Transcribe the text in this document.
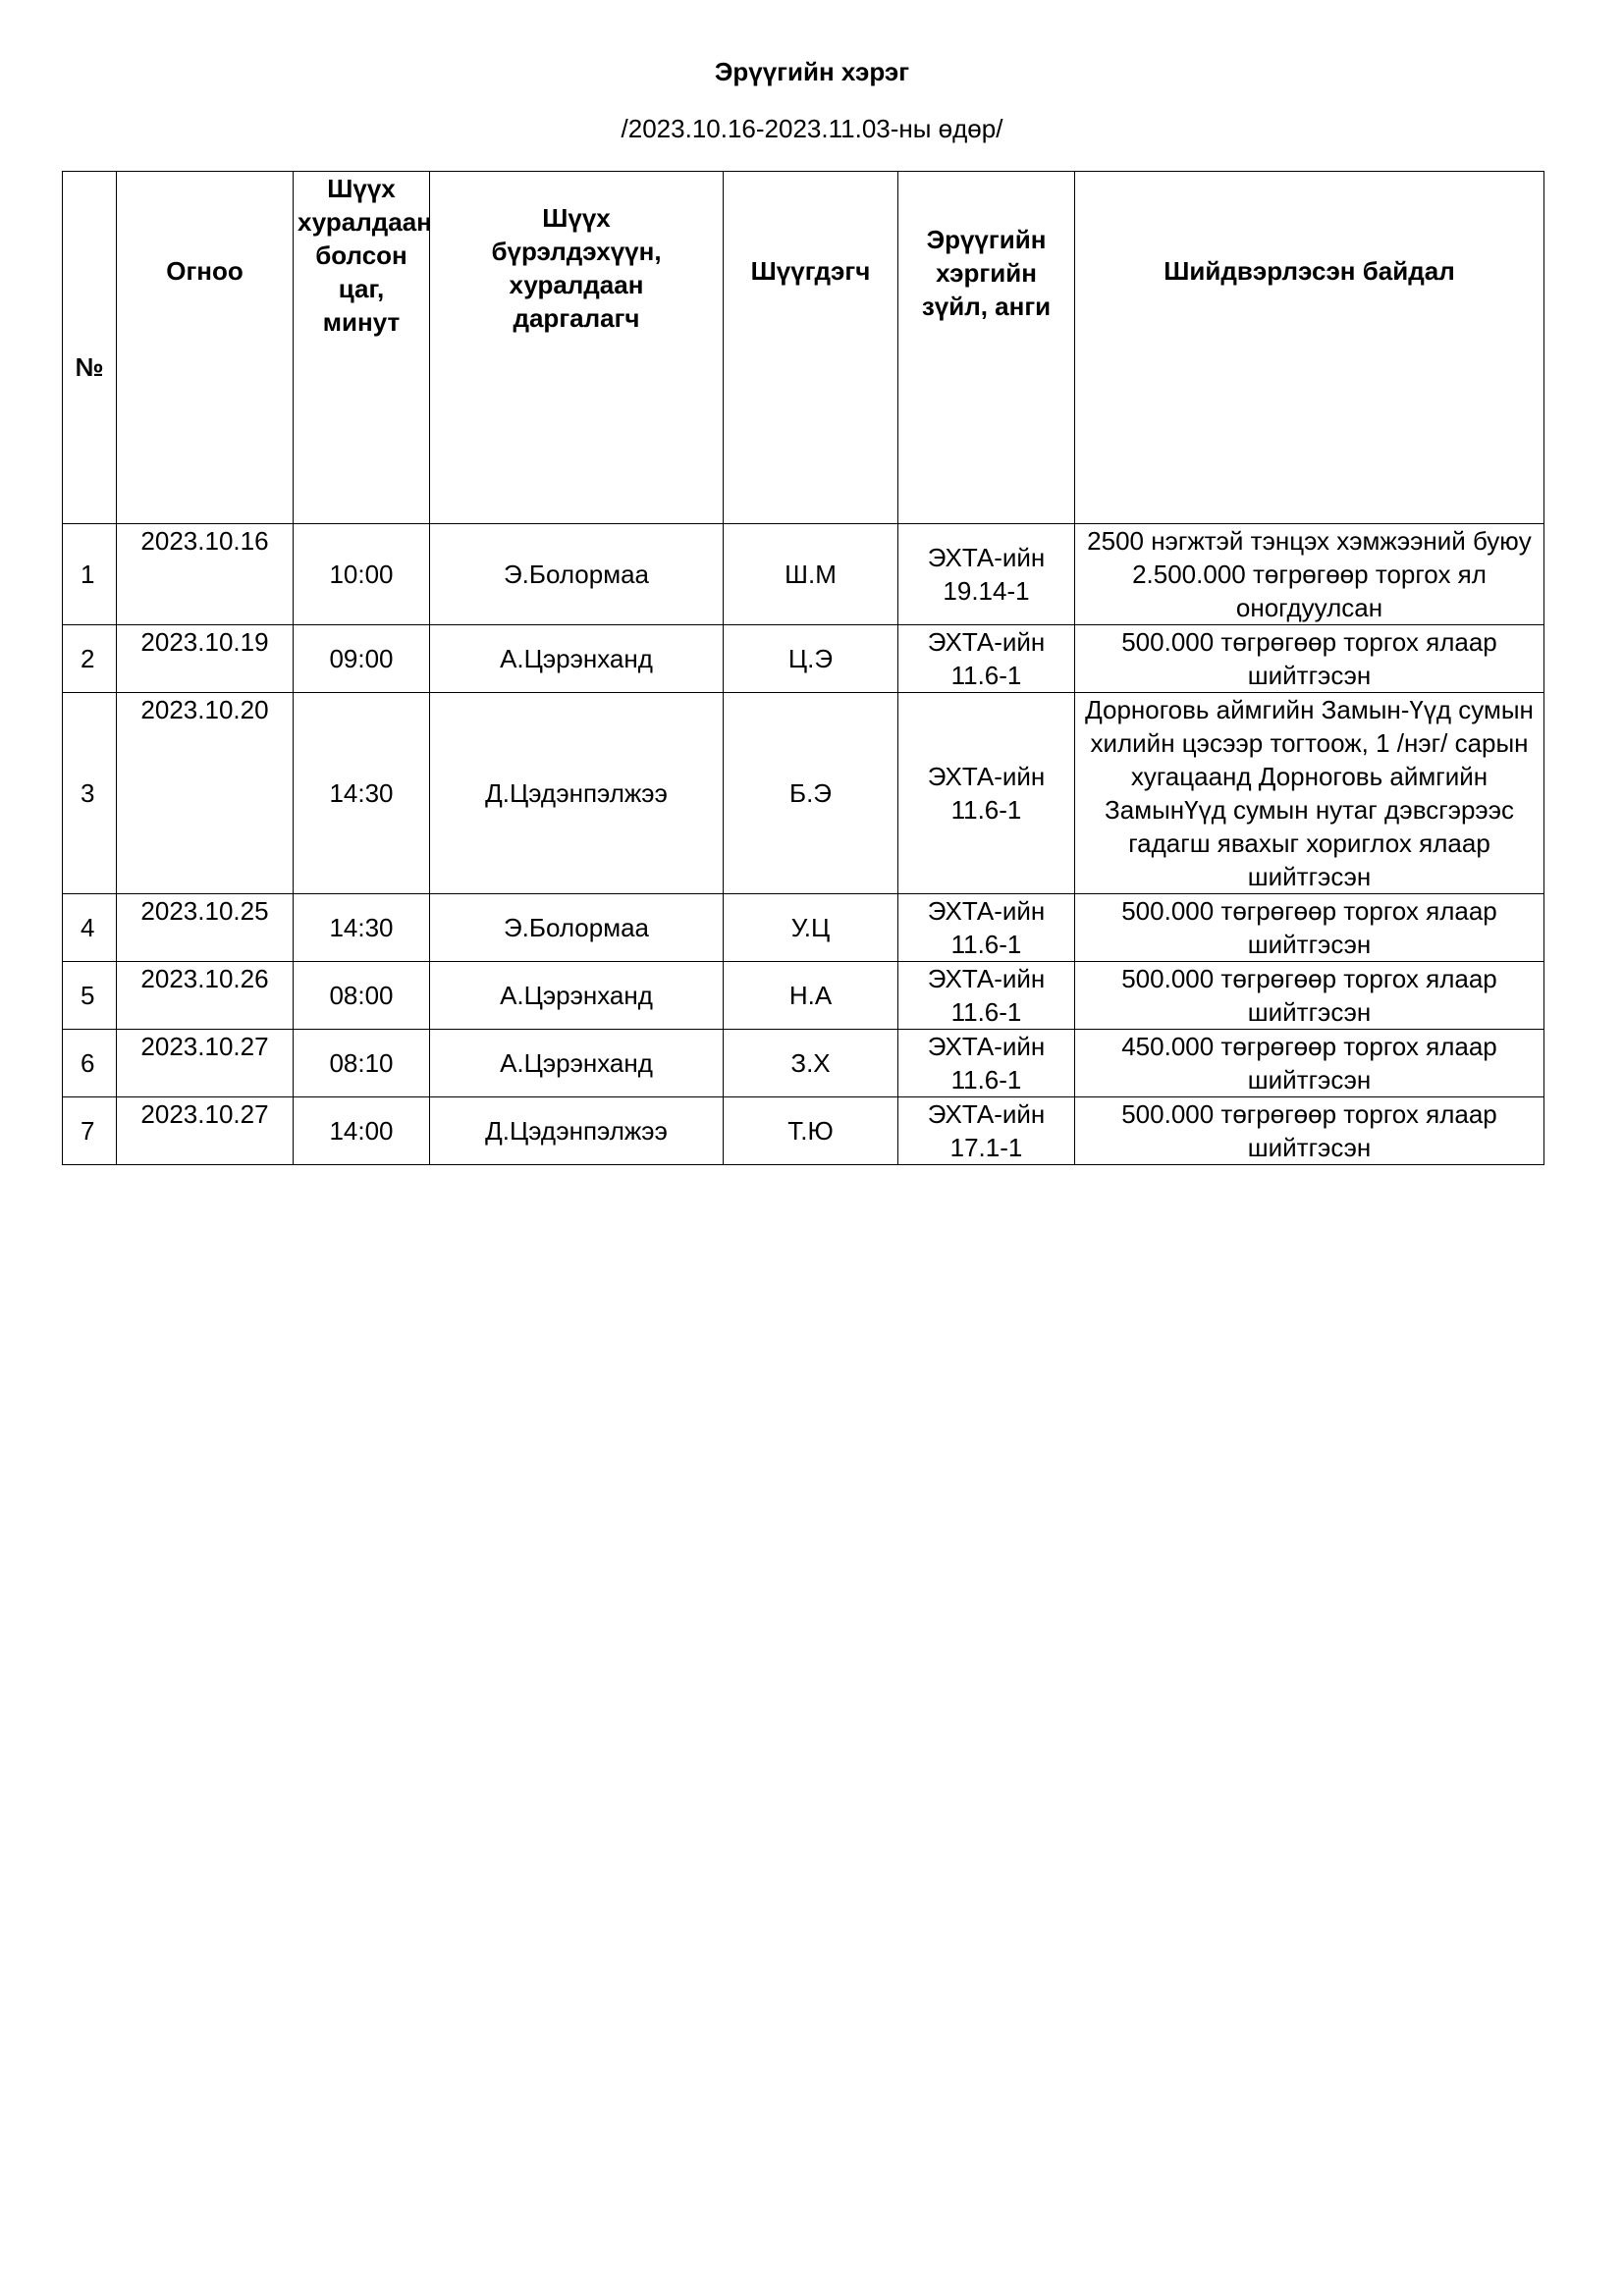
Эрүүгийн хэрэг
/2023.10.16-2023.11.03-ны өдөр/
№	Огноо	Шүүх хуралдаан болсон цаг, минут	Шүүх бүрэлдэхүүн, хуралдаан даргалагч	Шүүгдэгч	Эрүүгийн хэргийн зүйл, анги	Шийдвэрлэсэн байдал
1	2023.10.16	10:00	Э.Болормаа	Ш.М	ЭХТА-ийн 19.14-1	2500 нэгжтэй тэнцэх хэмжээний буюу 2.500.000 төгрөгөөр торгох ял оногдуулсан
2	2023.10.19	09:00	А.Цэрэнханд	Ц.Э	ЭХТА-ийн 11.6-1	500.000 төгрөгөөр торгох ялаар шийтгэсэн
3	2023.10.20	14:30	Д.Цэдэнпэлжээ	Б.Э	ЭХТА-ийн 11.6-1	Дорноговь аймгийн Замын-Үүд сумын хилийн цэсээр тогтоож, 1 /нэг/ сарын хугацаанд Дорноговь аймгийн ЗамынҮүд сумын нутаг дэвсгэрээс гадагш явахыг хориглох ялаар шийтгэсэн
4	2023.10.25	14:30	Э.Болормаа	У.Ц	ЭХТА-ийн 11.6-1	500.000 төгрөгөөр торгох ялаар шийтгэсэн
5	2023.10.26	08:00	А.Цэрэнханд	Н.А	ЭХТА-ийн 11.6-1	500.000 төгрөгөөр торгох ялаар шийтгэсэн
6	2023.10.27	08:10	А.Цэрэнханд	З.Х	ЭХТА-ийн 11.6-1	450.000 төгрөгөөр торгох ялаар шийтгэсэн
7	2023.10.27	14:00	Д.Цэдэнпэлжээ	Т.Ю	ЭХТА-ийн 17.1-1	500.000 төгрөгөөр торгох ялаар шийтгэсэн
